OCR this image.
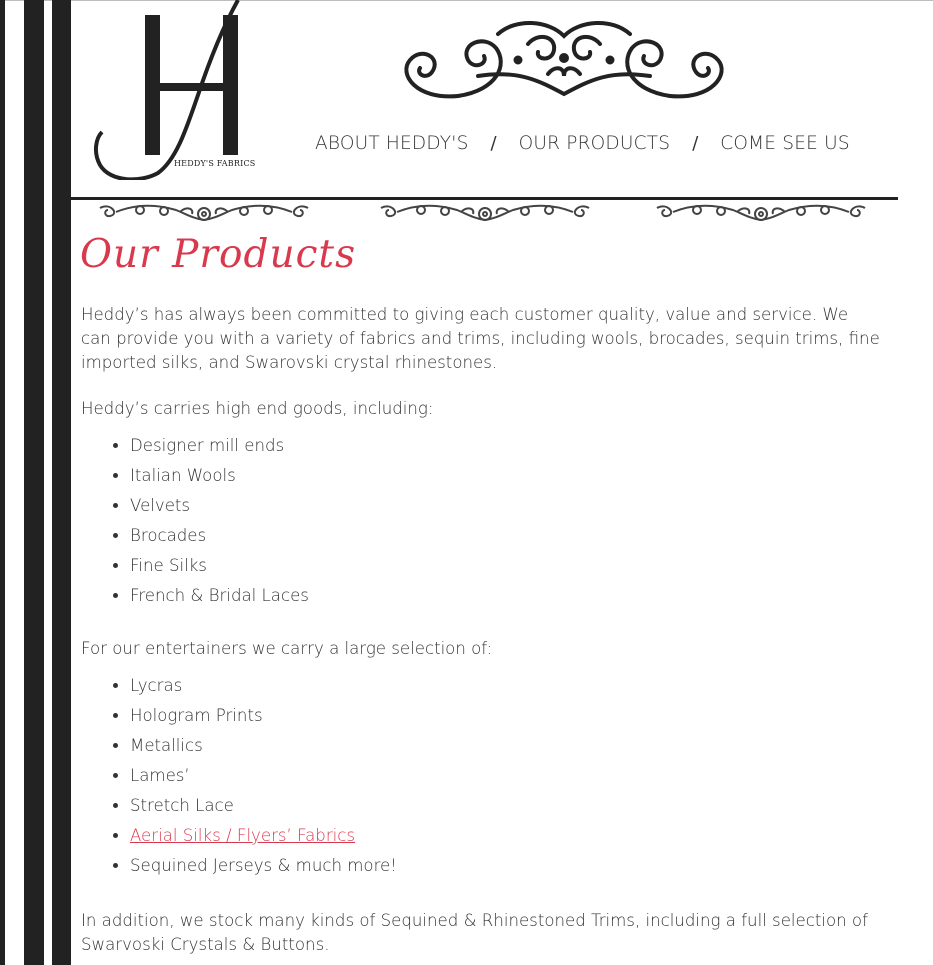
HEDDY'S FABRICS
ABOUT HEDDY'S / OUR PRODUCTS / COME SEE US
Our Products

Heddy’s has always been committed to giving each customer quality, value and service. We can provide you with a variety of fabrics and trims, including wools, brocades, sequin trims, fine imported silks, and Swarovski crystal rhinestones.

Heddy’s carries high end goods, including:

• Designer mill ends
• Italian Wools
• Velvets
• Brocades
• Fine Silks
• French & Bridal Laces

For our entertainers we carry a large selection of:

• Lycras
• Hologram Prints
• Metallics
• Lames’
• Stretch Lace
• Aerial Silks / Flyers’ Fabrics
• Sequined Jerseys & much more!

In addition, we stock many kinds of Sequined & Rhinestoned Trims, including a full selection of Swarvoski Crystals & Buttons.
